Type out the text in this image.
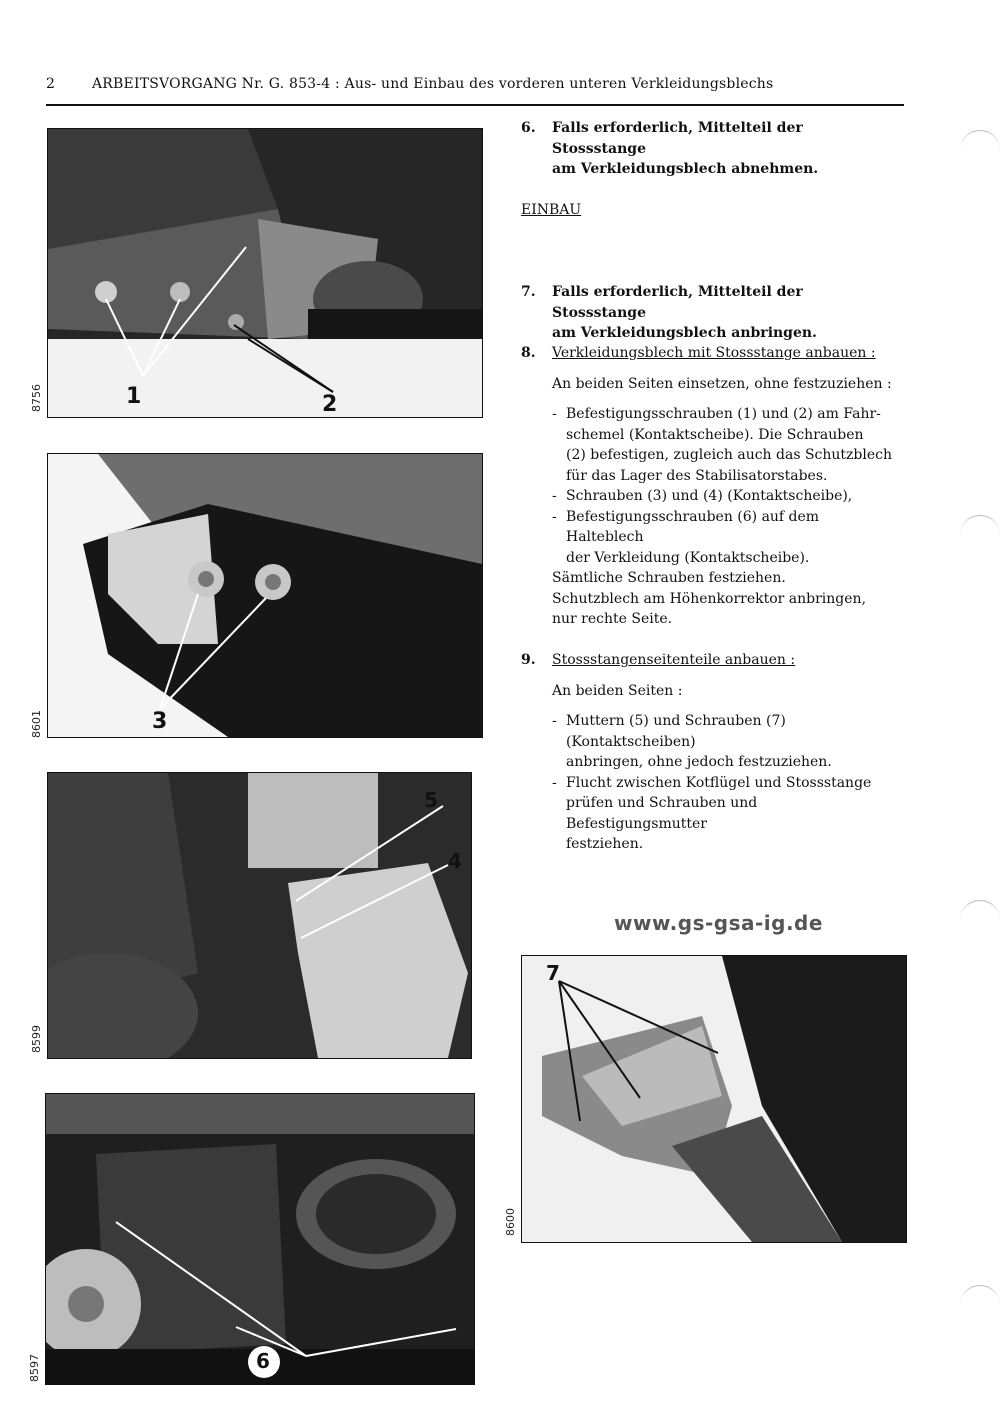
2	ARBEITSVORGANG Nr. G. 853-4 : Aus- und Einbau des vorderen unteren Verkleidungsblechs
1	2
8756
3
8601
5
4
8599
6
8597
7
8600
6. Falls erforderlich, Mittelteil der Stossstange
am Verkleidungsblech abnehmen.
EINBAU
7. Falls erforderlich, Mittelteil der Stossstange
am Verkleidungsblech anbringen.
8. Verkleidungsblech mit Stossstange anbauen :
An beiden Seiten einsetzen, ohne festzuziehen :
- Befestigungsschrauben (1) und (2) am Fahr-
schemel (Kontaktscheibe). Die Schrauben
(2) befestigen, zugleich auch das Schutzblech
für das Lager des Stabilisatorstabes.
- Schrauben (3) und (4) (Kontaktscheibe),
- Befestigungsschrauben (6) auf dem Halteblech
der Verkleidung (Kontaktscheibe).
Sämtliche Schrauben festziehen.
Schutzblech am Höhenkorrektor anbringen,
nur rechte Seite.
9. Stossstangenseitenteile anbauen :
An beiden Seiten :
- Muttern (5) und Schrauben (7) (Kontaktscheiben)
anbringen, ohne jedoch festzuziehen.
- Flucht zwischen Kotflügel und Stossstange
prüfen und Schrauben und Befestigungsmutter
festziehen.
www.gs-gsa-ig.de
